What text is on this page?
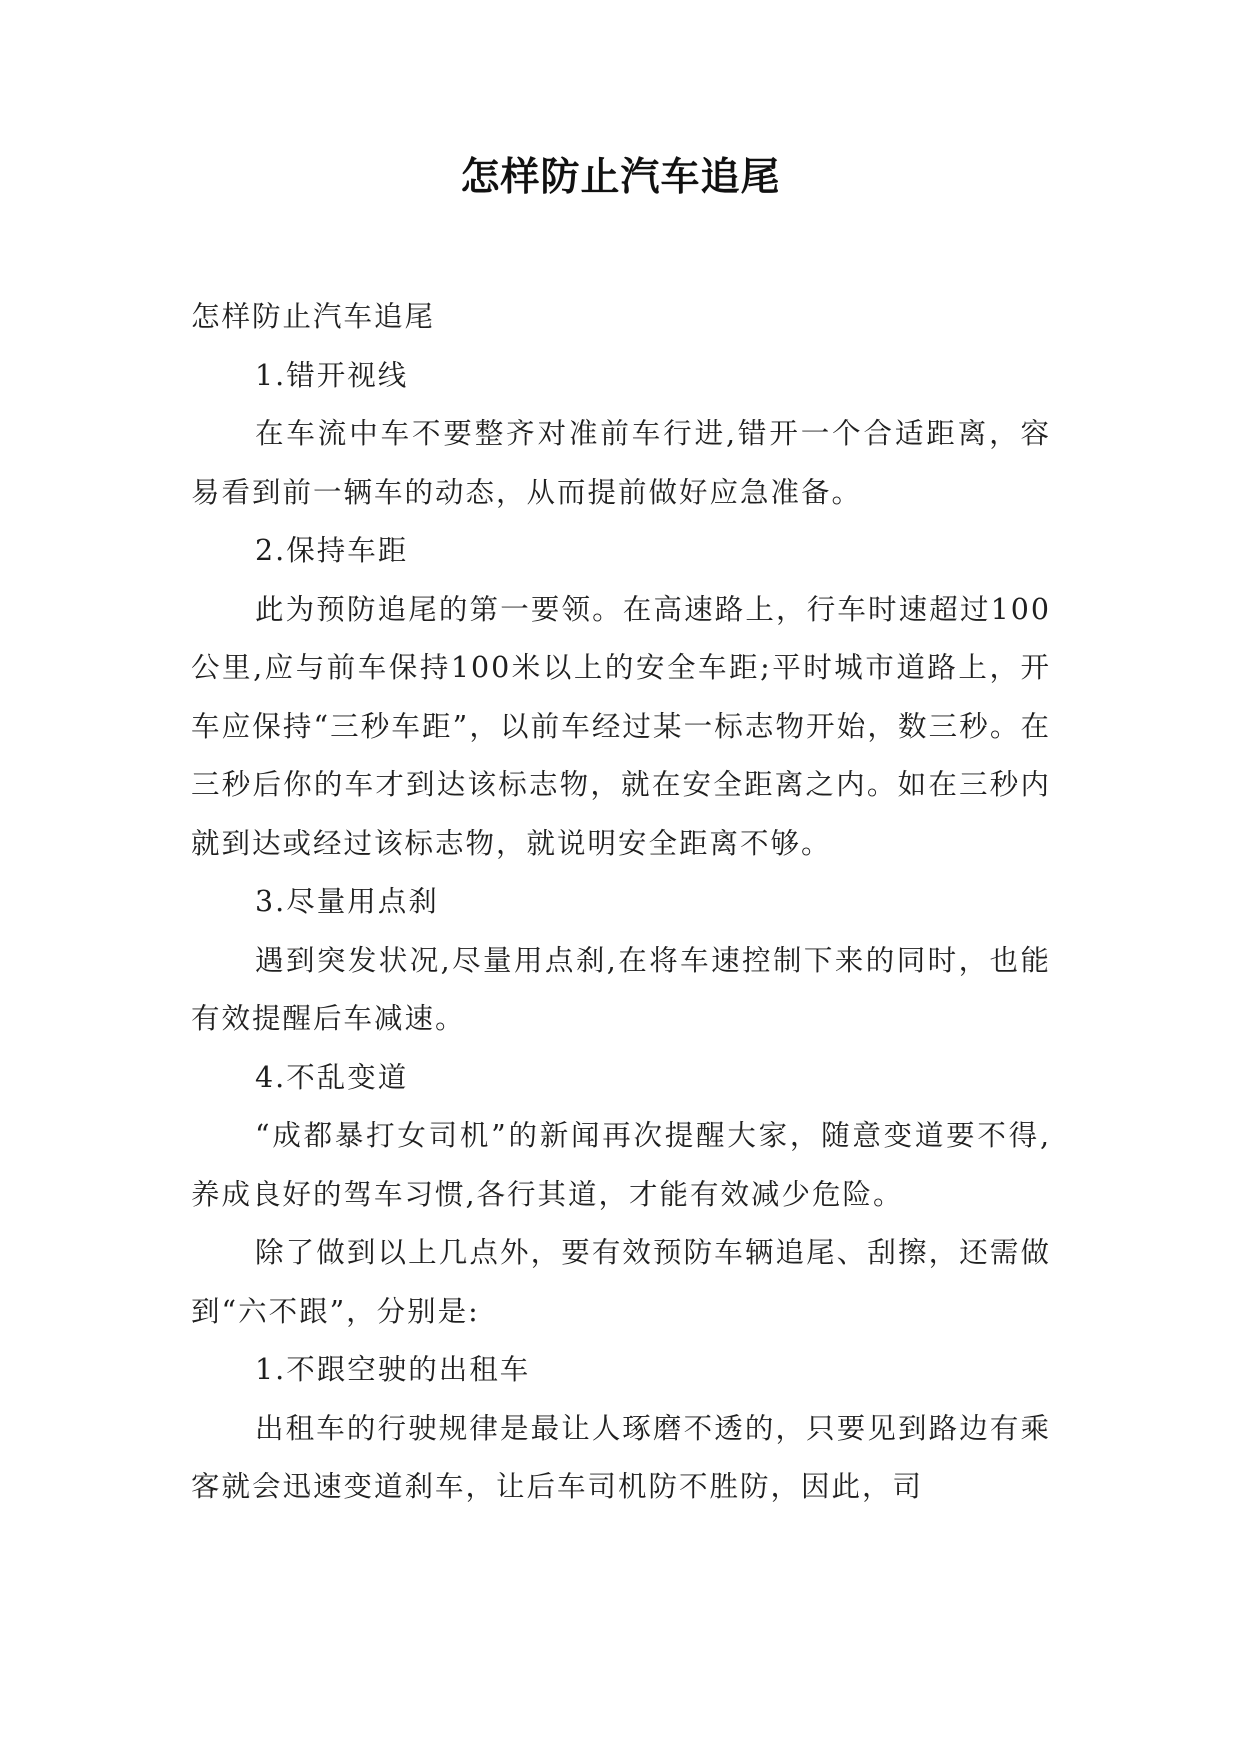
怎样防止汽车追尾

怎样防止汽车追尾

1.错开视线

在车流中车不要整齐对准前车行进,错开一个合适距离，容易看到前一辆车的动态，从而提前做好应急准备。

2.保持车距

此为预防追尾的第一要领。在高速路上，行车时速超过100公里,应与前车保持100米以上的安全车距;平时城市道路上，开车应保持“三秒车距”，以前车经过某一标志物开始，数三秒。在三秒后你的车才到达该标志物，就在安全距离之内。如在三秒内就到达或经过该标志物，就说明安全距离不够。

3.尽量用点刹

遇到突发状况,尽量用点刹,在将车速控制下来的同时，也能有效提醒后车减速。

4.不乱变道

“成都暴打女司机”的新闻再次提醒大家，随意变道要不得,养成良好的驾车习惯,各行其道，才能有效减少危险。

除了做到以上几点外，要有效预防车辆追尾、刮擦，还需做到“六不跟”，分别是:

1.不跟空驶的出租车

出租车的行驶规律是最让人琢磨不透的，只要见到路边有乘客就会迅速变道刹车，让后车司机防不胜防，因此，司
